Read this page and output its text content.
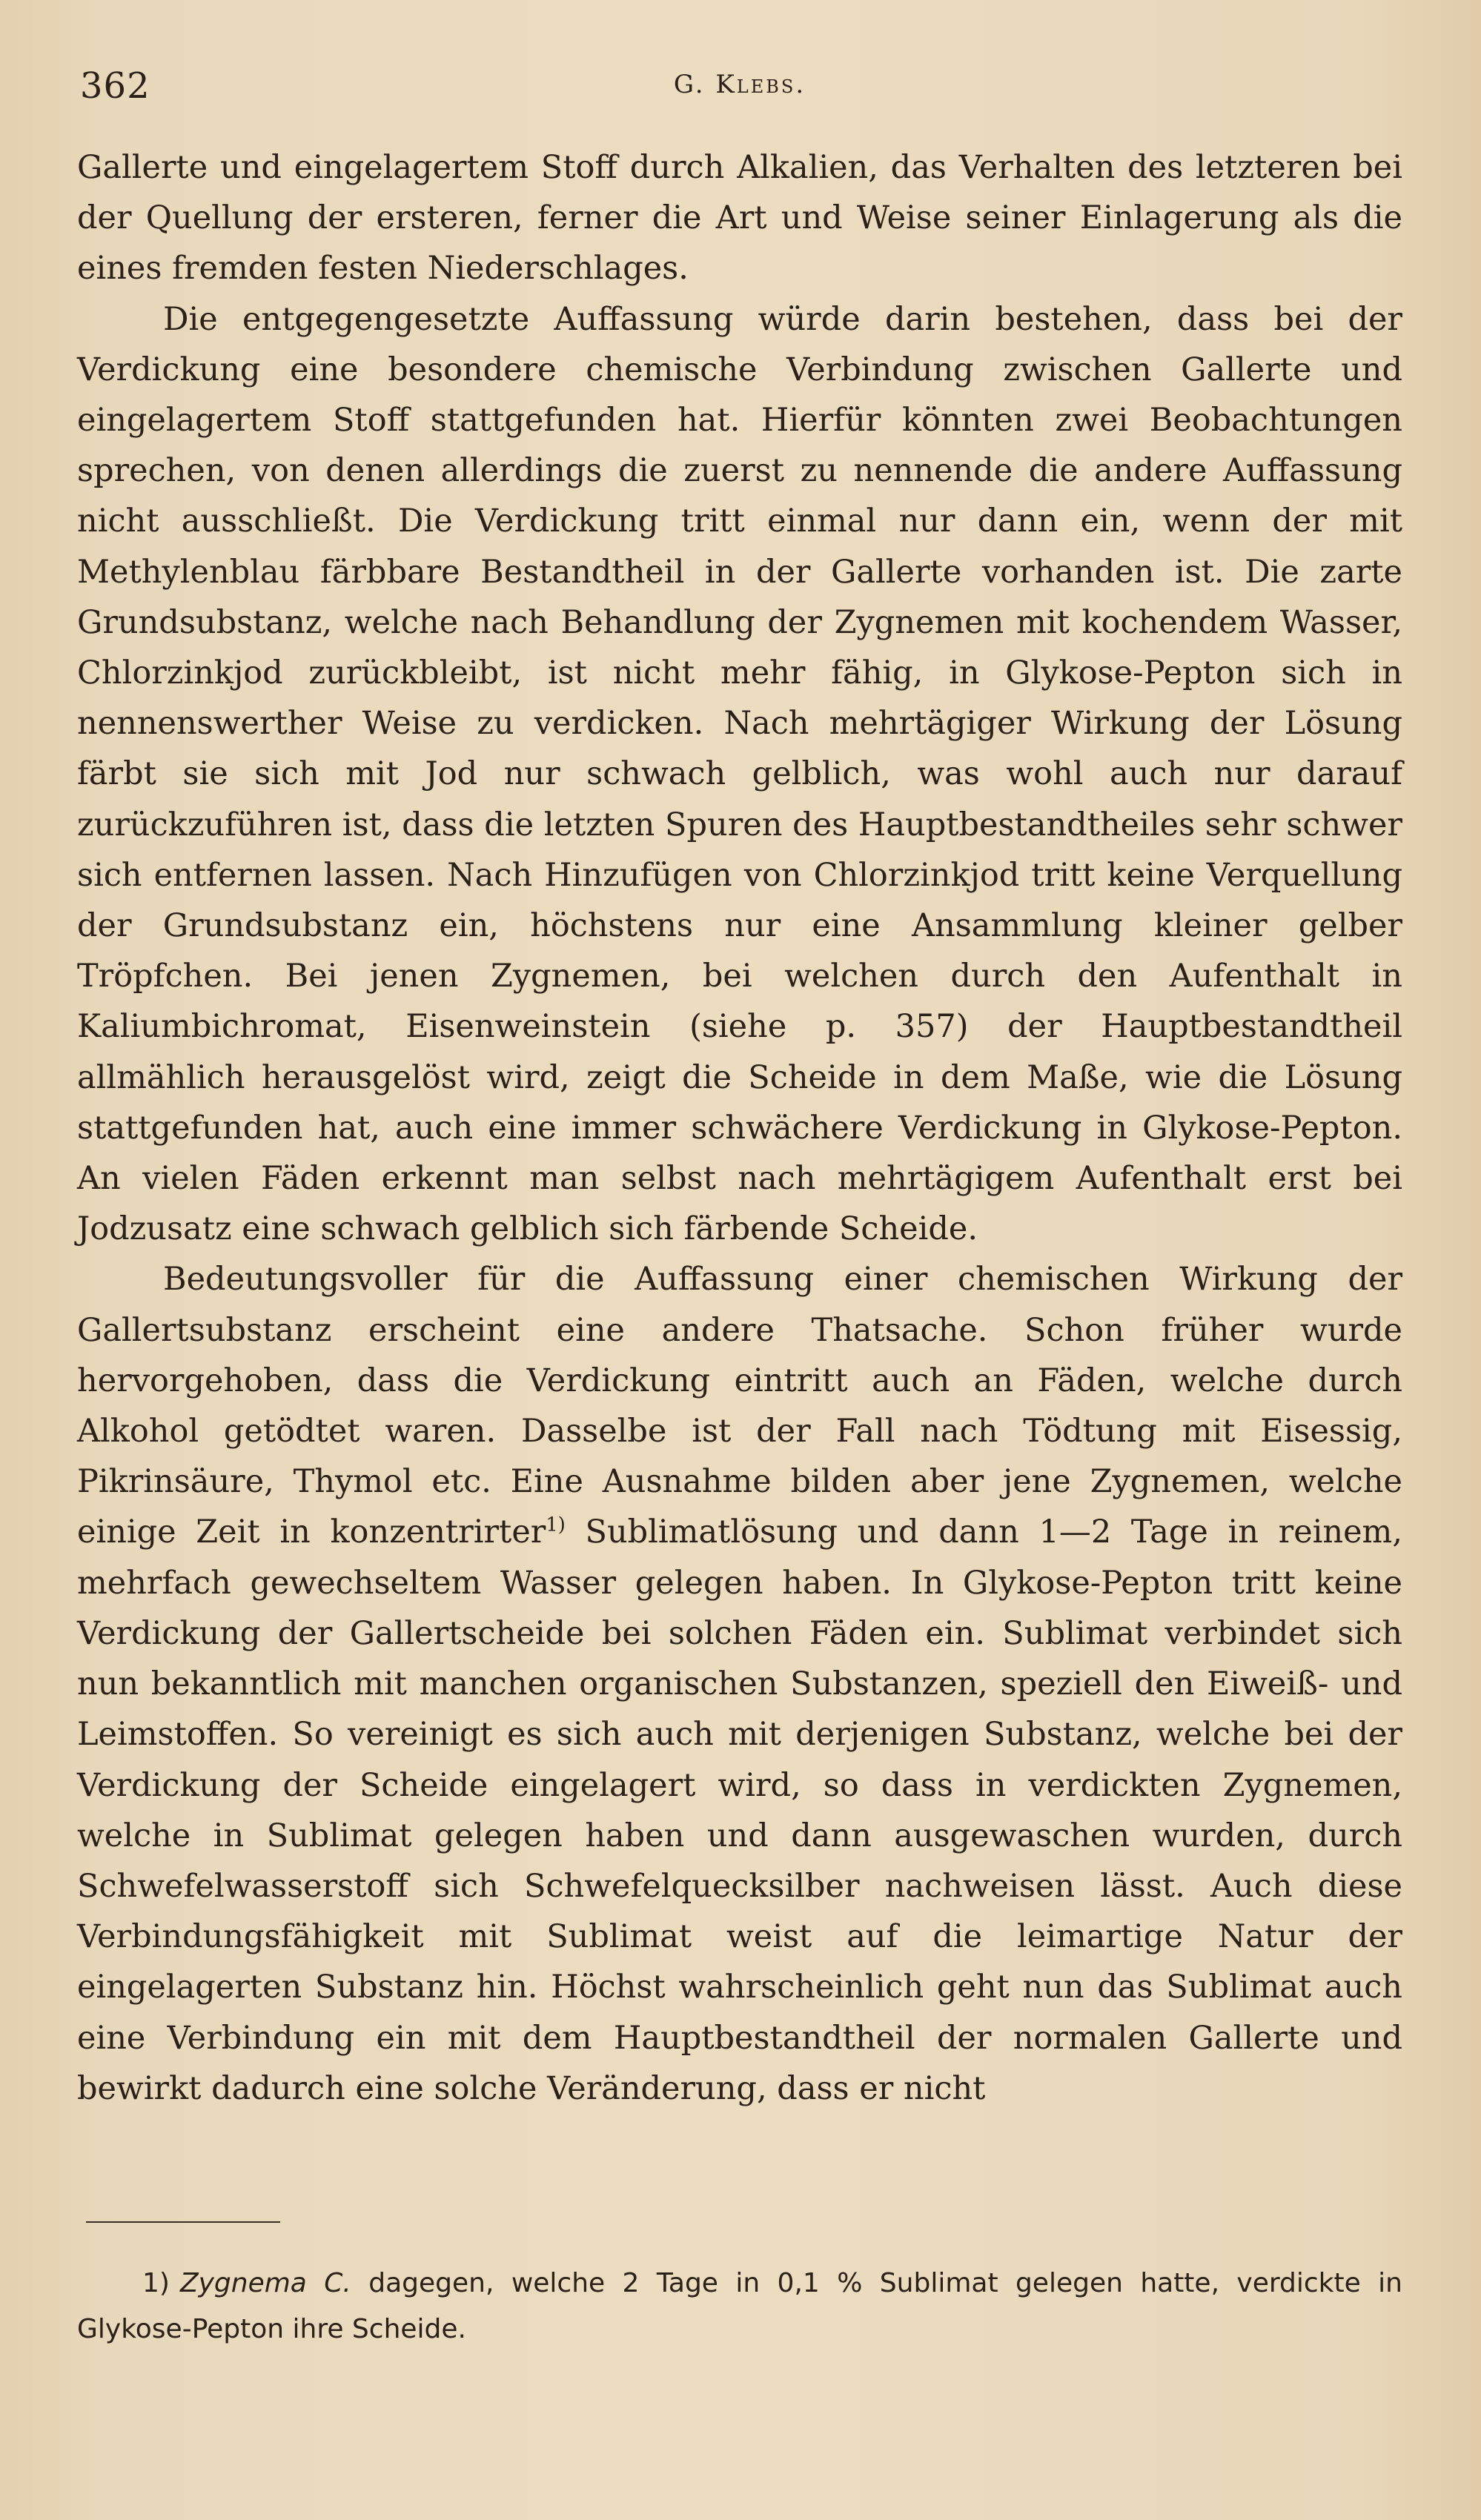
362	G. Klebs.

Gallerte und eingelagertem Stoff durch Alkalien, das Verhalten des letzteren bei der Quellung der ersteren, ferner die Art und Weise seiner Einlagerung als die eines fremden festen Niederschlages.

Die entgegengesetzte Auffassung würde darin bestehen, dass bei der Verdickung eine besondere chemische Verbindung zwischen Gallerte und eingelagertem Stoff stattgefunden hat. Hierfür könnten zwei Beobachtungen sprechen, von denen allerdings die zuerst zu nennende die andere Auffassung nicht ausschließt. Die Verdickung tritt einmal nur dann ein, wenn der mit Methylenblau färbbare Bestandtheil in der Gallerte vorhanden ist. Die zarte Grundsubstanz, welche nach Behandlung der Zygnemen mit kochendem Wasser, Chlorzinkjod zurückbleibt, ist nicht mehr fähig, in Glykose-Pepton sich in nennenswerther Weise zu verdicken. Nach mehrtägiger Wirkung der Lösung färbt sie sich mit Jod nur schwach gelblich, was wohl auch nur darauf zurückzuführen ist, dass die letzten Spuren des Hauptbestandtheiles sehr schwer sich entfernen lassen. Nach Hinzufügen von Chlorzinkjod tritt keine Verquellung der Grundsubstanz ein, höchstens nur eine Ansammlung kleiner gelber Tröpfchen. Bei jenen Zygnemen, bei welchen durch den Aufenthalt in Kaliumbichromat, Eisenweinstein (siehe p. 357) der Hauptbestandtheil allmählich herausgelöst wird, zeigt die Scheide in dem Maße, wie die Lösung stattgefunden hat, auch eine immer schwächere Verdickung in Glykose-Pepton. An vielen Fäden erkennt man selbst nach mehrtägigem Aufenthalt erst bei Jodzusatz eine schwach gelblich sich färbende Scheide.

Bedeutungsvoller für die Auffassung einer chemischen Wirkung der Gallertsubstanz erscheint eine andere Thatsache. Schon früher wurde hervorgehoben, dass die Verdickung eintritt auch an Fäden, welche durch Alkohol getödtet waren. Dasselbe ist der Fall nach Tödtung mit Eisessig, Pikrinsäure, Thymol etc. Eine Ausnahme bilden aber jene Zygnemen, welche einige Zeit in konzentrirter$^{1)}$ Sublimatlösung und dann 1—2 Tage in reinem, mehrfach gewechseltem Wasser gelegen haben. In Glykose-Pepton tritt keine Verdickung der Gallertscheide bei solchen Fäden ein. Sublimat verbindet sich nun bekanntlich mit manchen organischen Substanzen, speziell den Eiweiß- und Leimstoffen. So vereinigt es sich auch mit derjenigen Substanz, welche bei der Verdickung der Scheide eingelagert wird, so dass in verdickten Zygnemen, welche in Sublimat gelegen haben und dann ausgewaschen wurden, durch Schwefelwasserstoff sich Schwefelquecksilber nachweisen lässt. Auch diese Verbindungsfähigkeit mit Sublimat weist auf die leimartige Natur der eingelagerten Substanz hin. Höchst wahrscheinlich geht nun das Sublimat auch eine Verbindung ein mit dem Hauptbestandtheil der normalen Gallerte und bewirkt dadurch eine solche Veränderung, dass er nicht

1) Zygnema C. dagegen, welche 2 Tage in 0,1 % Sublimat gelegen hatte, verdickte in Glykose-Pepton ihre Scheide.
